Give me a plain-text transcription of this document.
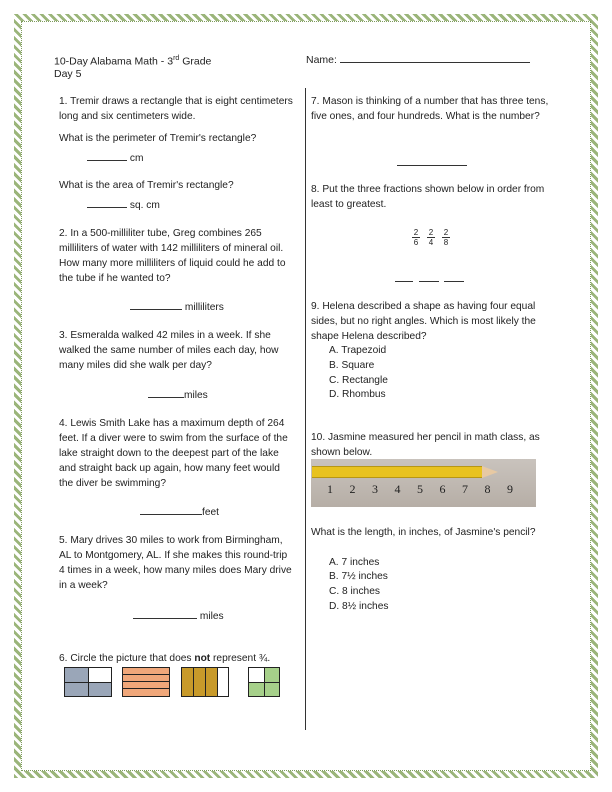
10-Day Alabama Math - 3rd Grade
Day 5
Name:
1. Tremir draws a rectangle that is eight centimeters long and six centimeters wide.
What is the perimeter of Tremir's rectangle?
cm
What is the area of Tremir's rectangle?
sq. cm
2. In a 500-milliliter tube, Greg combines 265 milliliters of water with 142 milliliters of mineral oil. How many more milliliters of liquid could he add to the tube if he wanted to?
milliliters
3. Esmeralda walked 42 miles in a week. If she walked the same number of miles each day, how many miles did she walk per day?
miles
4. Lewis Smith Lake has a maximum depth of 264 feet. If a diver were to swim from the surface of the lake straight down to the deepest part of the lake and straight back up again, how many feet would the diver be swimming?
feet
5. Mary drives 30 miles to work from Birmingham, AL to Montgomery, AL. If she makes this round-trip 4 times in a week, how many miles does Mary drive in a week?
miles
6. Circle the picture that does not represent ¾.
7. Mason is thinking of a number that has three tens, five ones, and four hundreds. What is the number?
8. Put the three fractions shown below in order from least to greatest.
2
6
2
4
2
8

9. Helena described a shape as having four equal sides, but no right angles. Which is most likely the shape Helena described?
A. Trapezoid
B. Square
C. Rectangle
D. Rhombus
10. Jasmine measured her pencil in math class, as shown below.
1 2 3 4 5 6 7 8 9
What is the length, in inches, of Jasmine's pencil?
A. 7 inches
B. 7½ inches
C. 8 inches
D. 8½ inches
